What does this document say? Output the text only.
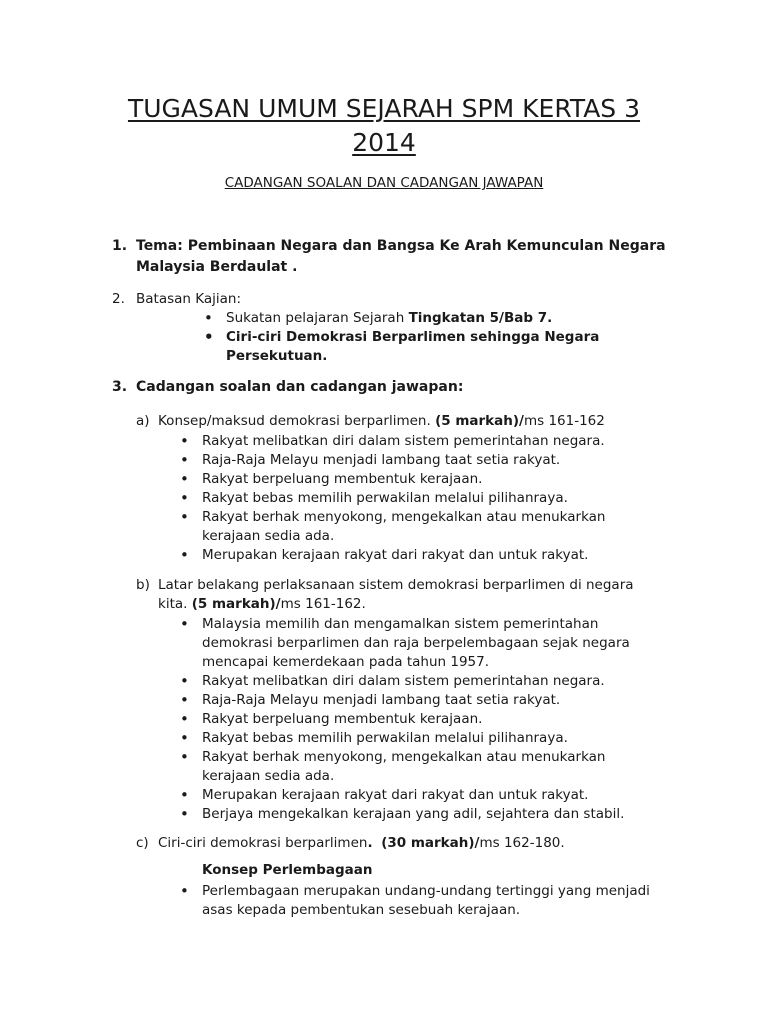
TUGASAN UMUM SEJARAH SPM KERTAS 3
2014
CADANGAN SOALAN DAN CADANGAN JAWAPAN
1. Tema: Pembinaan Negara dan Bangsa Ke Arah Kemunculan Negara Malaysia Berdaulat .
2. Batasan Kajian:
• Sukatan pelajaran Sejarah Tingkatan 5/Bab 7.
• Ciri-ciri Demokrasi Berparlimen sehingga Negara Persekutuan.
3. Cadangan soalan dan cadangan jawapan:
a) Konsep/maksud demokrasi berparlimen. (5 markah)/ms 161-162
• Rakyat melibatkan diri dalam sistem pemerintahan negara.
• Raja-Raja Melayu menjadi lambang taat setia rakyat.
• Rakyat berpeluang membentuk kerajaan.
• Rakyat bebas memilih perwakilan melalui pilihanraya.
• Rakyat berhak menyokong, mengekalkan atau menukarkan kerajaan sedia ada.
• Merupakan kerajaan rakyat dari rakyat dan untuk rakyat.
b) Latar belakang perlaksanaan sistem demokrasi berparlimen di negara kita. (5 markah)/ms 161-162.
• Malaysia memilih dan mengamalkan sistem pemerintahan demokrasi berparlimen dan raja berpelembagaan sejak negara mencapai kemerdekaan pada tahun 1957.
• Rakyat melibatkan diri dalam sistem pemerintahan negara.
• Raja-Raja Melayu menjadi lambang taat setia rakyat.
• Rakyat berpeluang membentuk kerajaan.
• Rakyat bebas memilih perwakilan melalui pilihanraya.
• Rakyat berhak menyokong, mengekalkan atau menukarkan kerajaan sedia ada.
• Merupakan kerajaan rakyat dari rakyat dan untuk rakyat.
• Berjaya mengekalkan kerajaan yang adil, sejahtera dan stabil.
c) Ciri-ciri demokrasi berparlimen. (30 markah)/ms 162-180.
Konsep Perlembagaan
• Perlembagaan merupakan undang-undang tertinggi yang menjadi asas kepada pembentukan sesebuah kerajaan.
